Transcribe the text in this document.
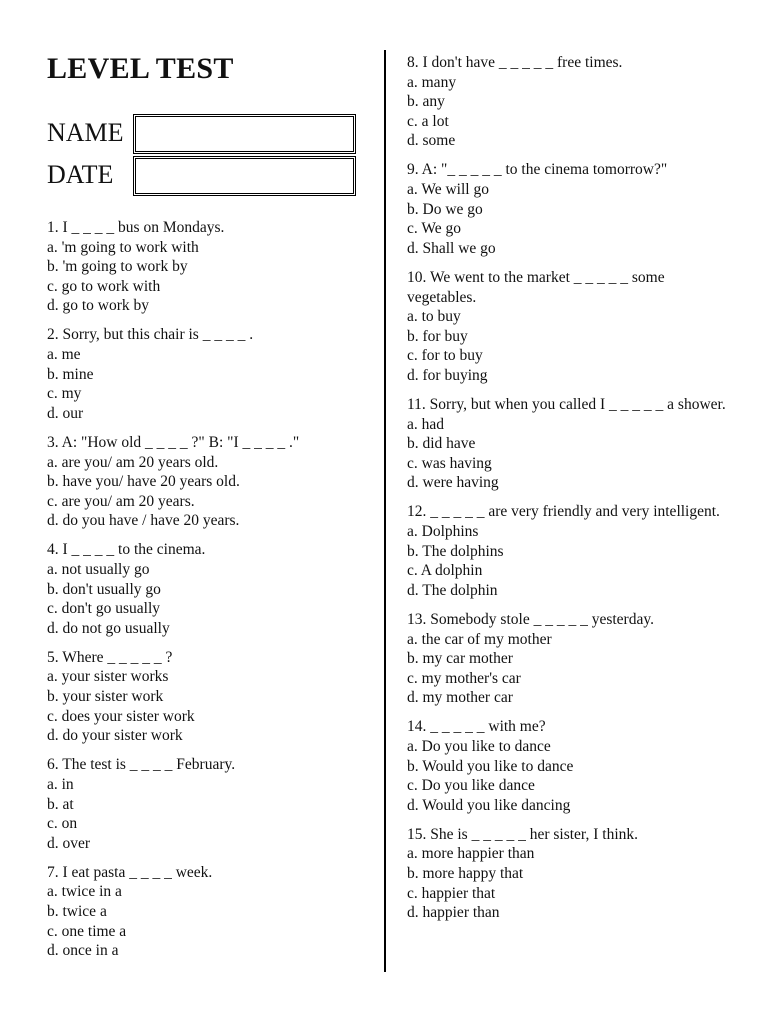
LEVEL TEST
NAME
DATE
1. I _ _ _ _ bus on Mondays.
a. 'm going to work with
b. 'm going to work by
c. go to work with
d. go to work by
2. Sorry, but this chair is _ _ _ _ .
a. me
b. mine
c. my
d. our
3. A: "How old _ _ _ _ ?" B: "I _ _ _ _ ."
a. are you/ am 20 years old.
b. have you/ have 20 years old.
c. are you/ am 20 years.
d. do you have / have 20 years.
4. I _ _ _ _ to the cinema.
a. not usually go
b. don't usually go
c. don't go usually
d. do not go usually
5. Where _ _ _ _ _ ?
a. your sister works
b. your sister work
c. does your sister work
d. do your sister work
6. The test is _ _ _ _ February.
a. in
b. at
c. on
d. over
7. I eat pasta _ _ _ _ week.
a. twice in a
b. twice a
c. one time a
d. once in a
8. I don't have _ _ _ _ _ free times.
a. many
b. any
c. a lot
d. some
9. A: "_ _ _ _ _ to the cinema tomorrow?"
a. We will go
b. Do we go
c. We go
d. Shall we go
10. We went to the market _ _ _ _ _ some vegetables.
a. to buy
b. for buy
c. for to buy
d. for buying
11. Sorry, but when you called I _ _ _ _ _ a shower.
a. had
b. did have
c. was having
d. were having
12. _ _ _ _ _ are very friendly and very intelligent.
a. Dolphins
b. The dolphins
c. A dolphin
d. The dolphin
13. Somebody stole _ _ _ _ _ yesterday.
a. the car of my mother
b. my car mother
c. my mother's car
d. my mother car
14. _ _ _ _ _ with me?
a. Do you like to dance
b. Would you like to dance
c. Do you like dance
d. Would you like dancing
15. She is _ _ _ _ _ her sister, I think.
a. more happier than
b. more happy that
c. happier that
d. happier than
